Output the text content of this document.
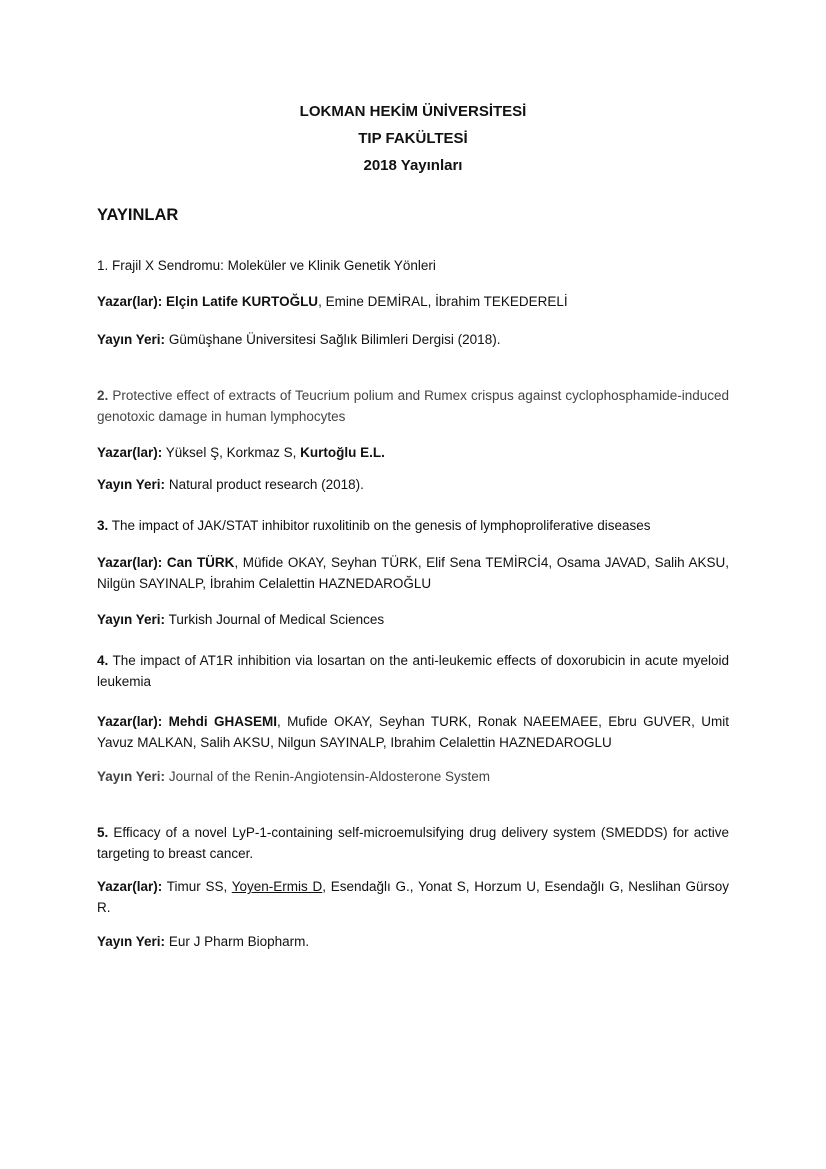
LOKMAN HEKİM ÜNİVERSİTESİ
TIP FAKÜLTESİ
2018 Yayınları
YAYINLAR
1. Frajil X Sendromu: Moleküler ve Klinik Genetik Yönleri
Yazar(lar): Elçin Latife KURTOĞLU, Emine DEMİRAL, İbrahim TEKEDERELİ
Yayın Yeri: Gümüşhane Üniversitesi Sağlık Bilimleri Dergisi (2018).
2. Protective effect of extracts of Teucrium polium and Rumex crispus against cyclophosphamide-induced genotoxic damage in human lymphocytes
Yazar(lar): Yüksel Ş, Korkmaz S, Kurtoğlu E.L.
Yayın Yeri: Natural product research (2018).
3. The impact of JAK/STAT inhibitor ruxolitinib on the genesis of lymphoproliferative diseases
Yazar(lar): Can TÜRK, Müfide OKAY, Seyhan TÜRK, Elif Sena TEMİRCİ4, Osama JAVAD, Salih AKSU, Nilgün SAYINALP, İbrahim Celalettin HAZNEDAROĞLU
Yayın Yeri: Turkish Journal of Medical Sciences
4. The impact of AT1R inhibition via losartan on the anti-leukemic effects of doxorubicin in acute myeloid leukemia
Yazar(lar): Mehdi GHASEMI, Mufide OKAY, Seyhan TURK, Ronak NAEEMAEE, Ebru GUVER, Umit Yavuz MALKAN, Salih AKSU, Nilgun SAYINALP, Ibrahim Celalettin HAZNEDAROGLU
Yayın Yeri: Journal of the Renin-Angiotensin-Aldosterone System
5. Efficacy of a novel LyP-1-containing self-microemulsifying drug delivery system (SMEDDS) for active targeting to breast cancer.
Yazar(lar): Timur SS, Yoyen-Ermis D, Esendağlı G., Yonat S, Horzum U, Esendağlı G, Neslihan Gürsoy R.
Yayın Yeri: Eur J Pharm Biopharm.
